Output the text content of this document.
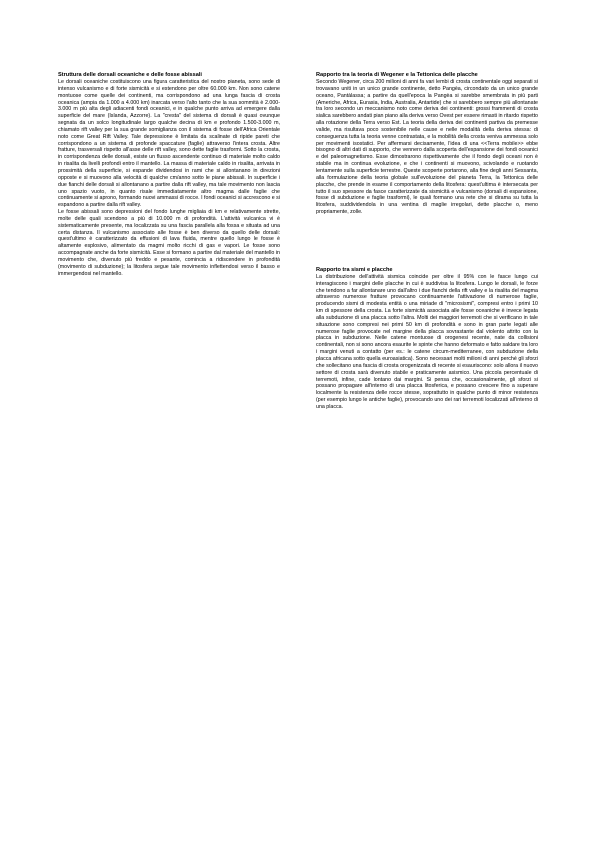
Struttura delle dorsali oceaniche e delle fosse abissali

Le dorsali oceaniche costituiscono una figura caratteristica del nostro pianeta, sono sede di intenso vulcanismo e di forte sismicità e si estendono per oltre 60.000 km. Non sono catene montuose come quelle dei continenti, ma corrispondono ad una lunga fascia di crosta oceanica (ampia da 1.000 a 4.000 km) inarcata verso l'alto tanto che la sua sommità è 2.000-3.000 m più alta degli adiacenti fondi oceanici, e in qualche punto arriva ad emergere dalla superficie del mare (Islanda, Azzorre). La "cresta" del sistema di dorsali è quasi ovunque segnata da un solco longitudinale largo qualche decina di km e profondo 1.500-3.000 m, chiamato rift valley per la sua grande somiglianza con il sistema di fosse dell'Africa Orientale noto come Great Rift Valley. Tale depressione è limitata da scalinate di ripide pareti che corrispondono a un sistema di profonde spaccature (faglie) attraverso l'intera crosta. Altre fratture, trasversali rispetto all'asse delle rift valley, sono dette faglie trasformi. Sotto la crosta, in corrispondenza delle dorsali, esiste un flusso ascendente continuo di materiale molto caldo in risalita da livelli profondi entro il mantello. La massa di materiale caldo in risalita, arrivata in prossimità della superficie, si espande dividendosi in rami che si allontanano in direzioni opposte e si muovono alla velocità di qualche cm/anno sotto le piane abissali. In superficie i due fianchi delle dorsali si allontanano a partire dalla rift valley, ma tale movimento non lascia uno spazio vuoto, in quanto risale immediatamente altro magma dalle faglie che continuamente si aprono, formando nuovi ammassi di rocce. I fondi oceanici si accrescono e si espandono a partire dalla rift valley.

Le fosse abissali sono depressioni del fondo lunghe migliaia di km e relativamente strette, molte delle quali scendono a più di 10.000 m di profondità. L'attività vulcanica vi è sistematicamente presente, ma localizzata su una fascia parallela alla fossa e situata ad una certa distanza. Il vulcanismo associato alle fosse è ben diverso da quello delle dorsali: quest'ultimo è caratterizzato da effusioni di lava fluida, mentre quello lungo le fosse è altamente esplosivo, alimentato da magmi molto ricchi di gas e vapori. Le fosse sono accompagnate anche da forte sismicità. Esse si formano a partire dal materiale del mantello in movimento che, divenuto più freddo e pesante, comincia a ridiscendere in profondità (movimento di subduzione); la litosfera segue tale movimento inflettendosi verso il basso e immergendosi nel mantello.

Rapporto tra la teoria di Wegener e la Tettonica delle placche

Secondo Wegener, circa 200 milioni di anni fa vari lembi di crosta continentale oggi separati si trovavano uniti in un unico grande continente, detto Pangèa, circondato da un unico grande oceano, Pantàlassa; a partire da quell'epoca la Pangèa si sarebbe smembrata in più parti (Americhe, Africa, Eurasia, India, Australia, Antartide) che si sarebbero sempre più allontanate tra loro secondo un meccanismo noto come deriva dei continenti: grossi frammenti di crosta sialica sarebbero andati pian piano alla deriva verso Ovest per essere rimasti in ritardo rispetto alla rotazione della Terra verso Est. La teoria della deriva dei continenti partiva da premesse valide, ma risultava poco sostenibile nelle cause e nelle modalità della deriva stessa: di conseguenza tutta la teoria venne contrastata, e la mobilità della crosta veniva ammessa solo per movimenti isostatici. Per affermarsi decisamente, l'idea di una <<Terra mobile>> ebbe bisogno di altri dati di supporto, che vennero dalla scoperta dell'espansione dei fondi oceanici e del paleomagnetismo. Esse dimostrarono rispettivamente che il fondo degli oceani non è stabile ma in continua evoluzione, e che i continenti si muovono, scivolando e ruotando lentamente sulla superficie terrestre. Queste scoperte portarono, alla fine degli anni Sessanta, alla formulazione della teoria globale sull'evoluzione del pianeta Terra, la Tettonica delle placche, che prende in esame il comportamento della litosfera: quest'ultima è intersecata per tutto il suo spessore da fasce caratterizzate da sismicità e vulcanismo (dorsali di espansione, fosse di subduzione e faglie trasformi), le quali formano una rete che si dirama su tutta la litosfera, suddividendola in una ventina di maglie irregolari, dette placche o, meno propriamente, zolle.

Rapporto tra sismi e placche

La distribuzione dell'attività sismica coincide per oltre il 95% con le fasce lungo cui interagiscono i margini delle placche in cui è suddivisa la litosfera. Lungo le dorsali, le forze che tendono a far allontanare uno dall'altro i due fianchi della rift valley e la risalita del magma attraverso numerose fratture provocano continuamente l'attivazione di numerose faglie, producendo sismi di modesta entità o una miriade di "microsismi", compresi entro i primi 10 km di spessore della crosta. La forte sismicità associata alle fosse oceaniche è invece legata alla subduzione di una placca sotto l'altra. Molti dei maggiori terremoti che si verificano in tale situazione sono compresi nei primi 50 km di profondità e sono in gran parte legati alle numerose faglie provocate nel margine della placca sovrastante dal violento attrito con la placca in subduzione. Nelle catene montuose di orogenesi recente, nate da collisioni continentali, non si sono ancora esaurite le spinte che hanno deformato e fatto saldare tra loro i margini venuti a contatto (per es.: le catene circum-mediterranee, con subduzione della placca africana sotto quella euroasiatica). Sono necessari molti milioni di anni perché gli sforzi che sollecitano una fascia di crosta orogenizzata di recente si esauriscono: solo allora il nuovo settore di crosta sarà divenuto stabile e praticamente asismico. Una piccola percentuale di terremoti, infine, cade lontano dai margini. Si pensa che, occasionalmente, gli sforzi si possano propagare all'interno di una placca litosferica, e possano crescere fino a superare localmente la resistenza delle rocce stesse, soprattutto in qualche punto di minor resistenza (per esempio lungo le antiche faglie), provocando uno dei rari terremoti localizzati all'interno di una placca.
